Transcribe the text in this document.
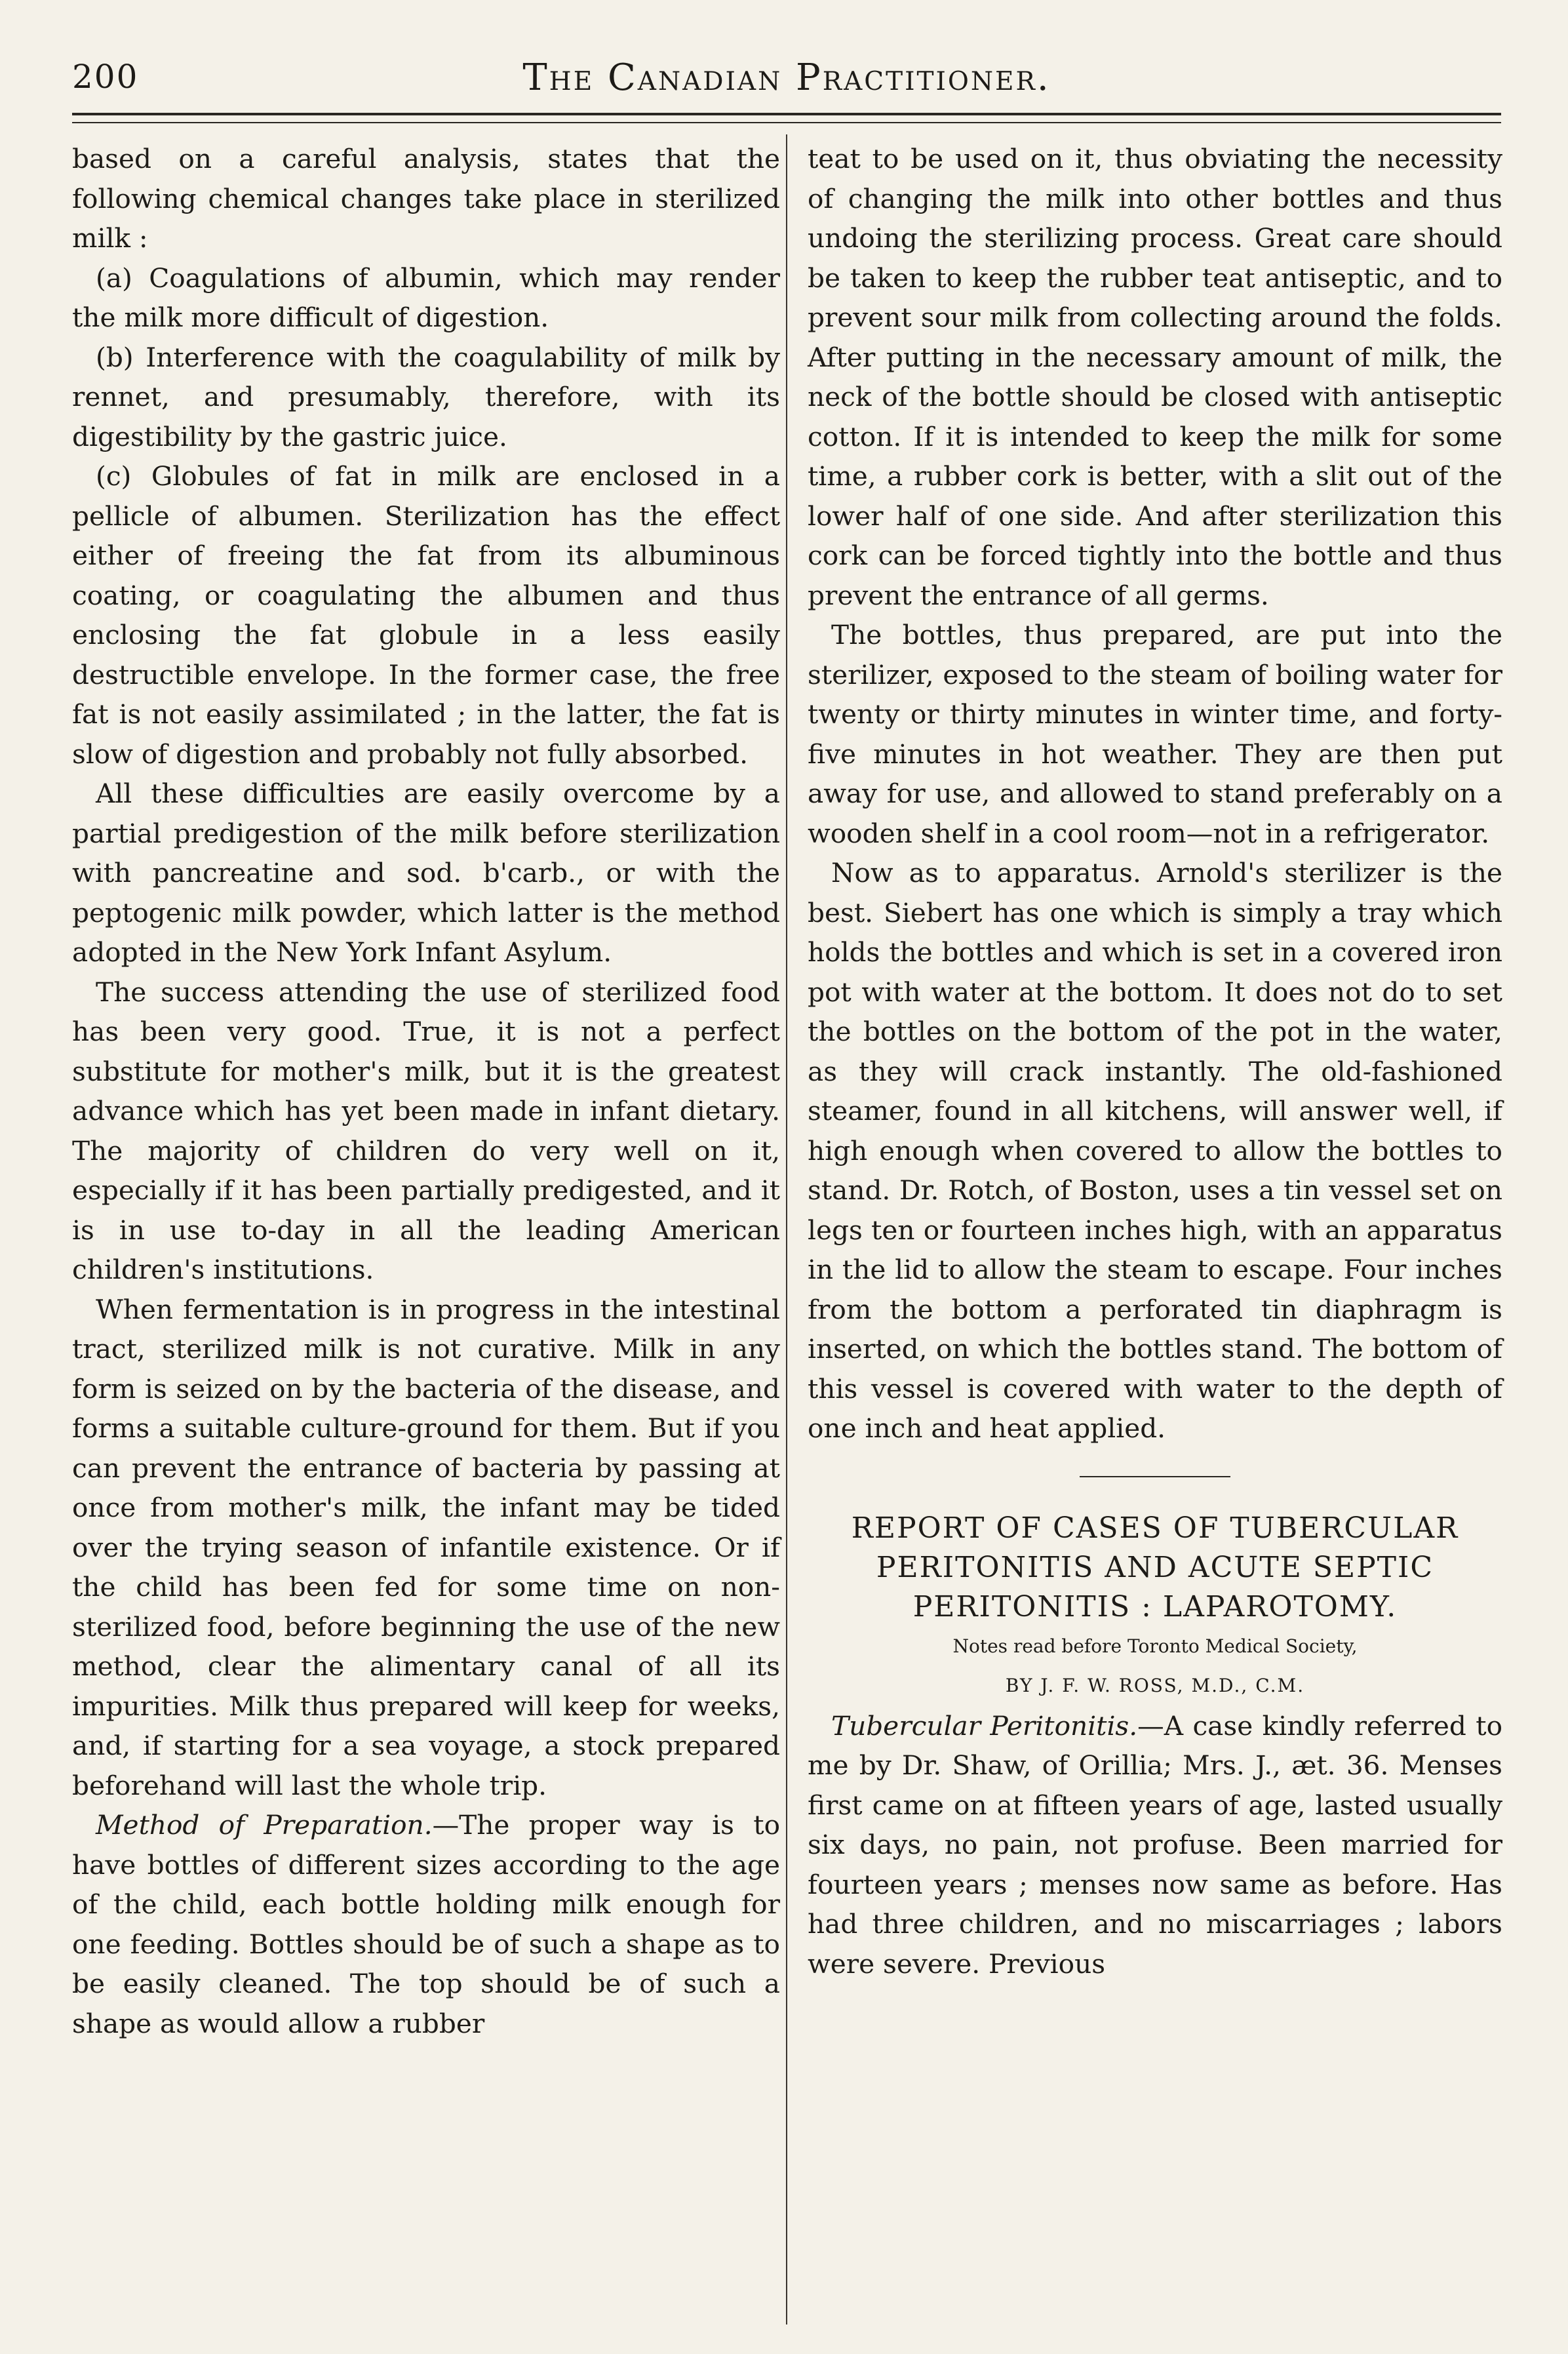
200	The Canadian Practitioner.

based on a careful analysis, states that the following chemical changes take place in sterilized milk :

(a) Coagulations of albumin, which may render the milk more difficult of digestion.

(b) Interference with the coagulability of milk by rennet, and presumably, therefore, with its digestibility by the gastric juice.

(c) Globules of fat in milk are enclosed in a pellicle of albumen. Sterilization has the effect either of freeing the fat from its albuminous coating, or coagulating the albumen and thus enclosing the fat globule in a less easily destructible envelope. In the former case, the free fat is not easily assimilated ; in the latter, the fat is slow of digestion and probably not fully absorbed.

All these difficulties are easily overcome by a partial predigestion of the milk before sterilization with pancreatine and sod. b'carb., or with the peptogenic milk powder, which latter is the method adopted in the New York Infant Asylum.

The success attending the use of sterilized food has been very good. True, it is not a perfect substitute for mother's milk, but it is the greatest advance which has yet been made in infant dietary. The majority of children do very well on it, especially if it has been partially predigested, and it is in use to-day in all the leading American children's institutions.

When fermentation is in progress in the intestinal tract, sterilized milk is not curative. Milk in any form is seized on by the bacteria of the disease, and forms a suitable culture-ground for them. But if you can prevent the entrance of bacteria by passing at once from mother's milk, the infant may be tided over the trying season of infantile existence. Or if the child has been fed for some time on non-sterilized food, before beginning the use of the new method, clear the alimentary canal of all its impurities. Milk thus prepared will keep for weeks, and, if starting for a sea voyage, a stock prepared beforehand will last the whole trip.

Method of Preparation.—The proper way is to have bottles of different sizes according to the age of the child, each bottle holding milk enough for one feeding. Bottles should be of such a shape as to be easily cleaned. The top should be of such a shape as would allow a rubber

teat to be used on it, thus obviating the necessity of changing the milk into other bottles and thus undoing the sterilizing process. Great care should be taken to keep the rubber teat antiseptic, and to prevent sour milk from collecting around the folds. After putting in the necessary amount of milk, the neck of the bottle should be closed with antiseptic cotton. If it is intended to keep the milk for some time, a rubber cork is better, with a slit out of the lower half of one side. And after sterilization this cork can be forced tightly into the bottle and thus prevent the entrance of all germs.

The bottles, thus prepared, are put into the sterilizer, exposed to the steam of boiling water for twenty or thirty minutes in winter time, and forty-five minutes in hot weather. They are then put away for use, and allowed to stand preferably on a wooden shelf in a cool room—not in a refrigerator.

Now as to apparatus. Arnold's sterilizer is the best. Siebert has one which is simply a tray which holds the bottles and which is set in a covered iron pot with water at the bottom. It does not do to set the bottles on the bottom of the pot in the water, as they will crack instantly. The old-fashioned steamer, found in all kitchens, will answer well, if high enough when covered to allow the bottles to stand. Dr. Rotch, of Boston, uses a tin vessel set on legs ten or fourteen inches high, with an apparatus in the lid to allow the steam to escape. Four inches from the bottom a perforated tin diaphragm is inserted, on which the bottles stand. The bottom of this vessel is covered with water to the depth of one inch and heat applied.

REPORT OF CASES OF TUBERCULAR PERITONITIS AND ACUTE SEPTIC PERITONITIS : LAPAROTOMY.

Notes read before Toronto Medical Society,

BY J. F. W. ROSS, M.D., C.M.

Tubercular Peritonitis.—A case kindly referred to me by Dr. Shaw, of Orillia; Mrs. J., æt. 36. Menses first came on at fifteen years of age, lasted usually six days, no pain, not profuse. Been married for fourteen years ; menses now same as before. Has had three children, and no miscarriages ; labors were severe. Previous
